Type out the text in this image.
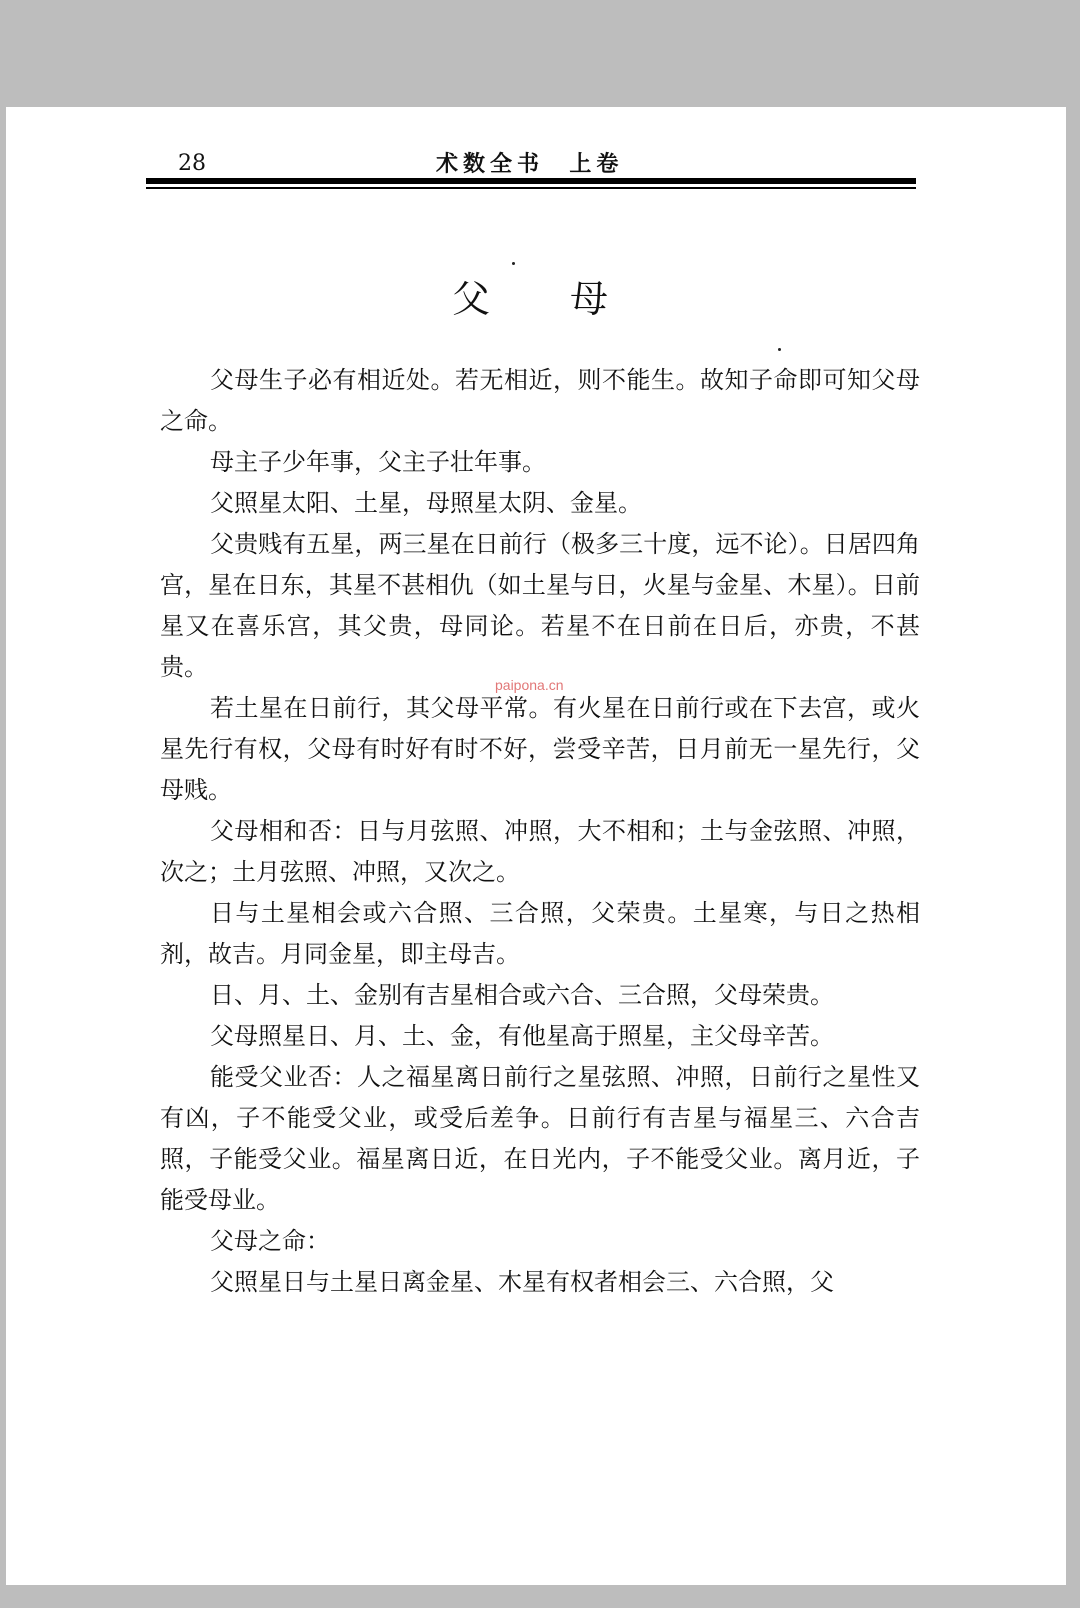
28	术数全书  上卷
父母

父母生子必有相近处。若无相近，则不能生。故知子命即可知父母之命。

母主子少年事，父主子壮年事。

父照星太阳、土星，母照星太阴、金星。

父贵贱有五星，两三星在日前行（极多三十度，远不论）。日居四角宫，星在日东，其星不甚相仇（如土星与日，火星与金星、木星）。日前星又在喜乐宫，其父贵，母同论。若星不在日前在日后，亦贵，不甚贵。

若土星在日前行，其父母平常。有火星在日前行或在下去宫，或火星先行有权，父母有时好有时不好，尝受辛苦，日月前无一星先行，父母贱。

父母相和否：日与月弦照、冲照，大不相和；土与金弦照、冲照，次之；土月弦照、冲照，又次之。

日与土星相会或六合照、三合照，父荣贵。土星寒，与日之热相剂，故吉。月同金星，即主母吉。

日、月、土、金别有吉星相合或六合、三合照，父母荣贵。

父母照星日、月、土、金，有他星高于照星，主父母辛苦。

能受父业否：人之福星离日前行之星弦照、冲照，日前行之星性又有凶，子不能受父业，或受后差争。日前行有吉星与福星三、六合吉照，子能受父业。福星离日近，在日光内，子不能受父业。离月近，子能受母业。

父母之命：

父照星日与土星日离金星、木星有权者相会三、六合照，父

paipona.cn
